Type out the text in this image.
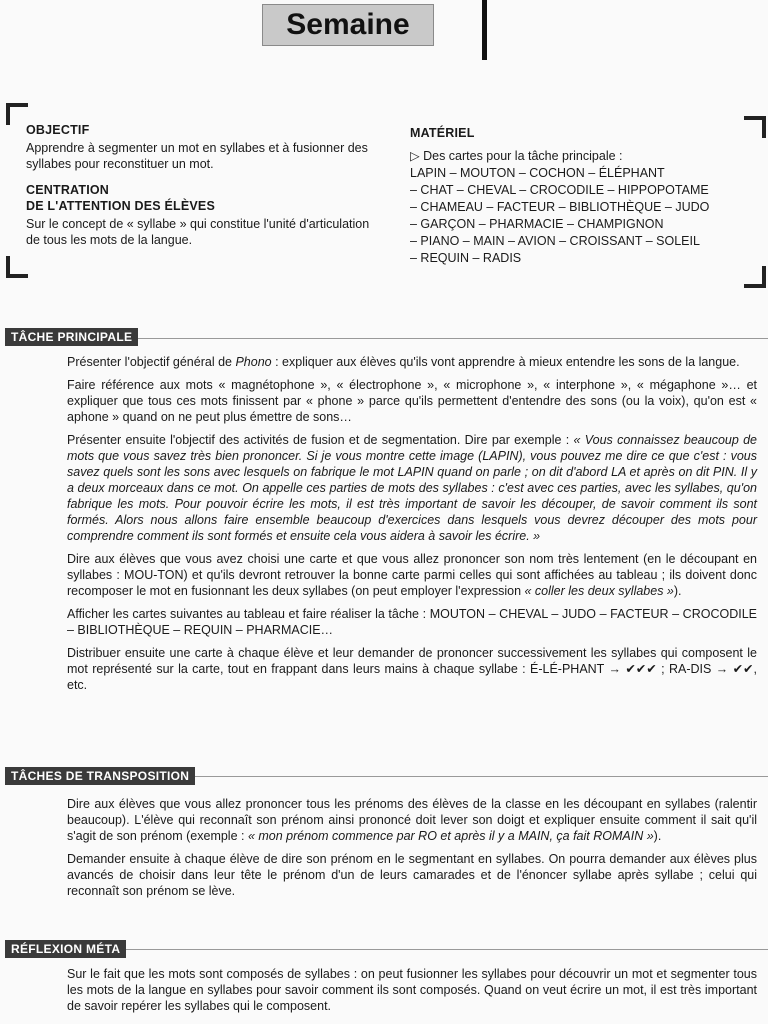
Semaine
OBJECTIF

Apprendre à segmenter un mot en syllabes et à fusionner des syllabes pour reconstituer un mot.

CENTRATION
DE L'ATTENTION DES ÉLÈVES

Sur le concept de « syllabe » qui constitue l'unité d'articulation de tous les mots de la langue.

MATÉRIEL
▷ Des cartes pour la tâche principale :
LAPIN – MOUTON – COCHON – ÉLÉPHANT
– CHAT – CHEVAL – CROCODILE – HIPPOPOTAME
– CHAMEAU – FACTEUR – BIBLIOTHÈQUE – JUDO
– GARÇON – PHARMACIE – CHAMPIGNON
– PIANO – MAIN – AVION – CROISSANT – SOLEIL
– REQUIN – RADIS
TÂCHE PRINCIPALE

Présenter l'objectif général de Phono : expliquer aux élèves qu'ils vont apprendre à mieux entendre les sons de la langue.

Faire référence aux mots « magnétophone », « électrophone », « microphone », « interphone », « mégaphone »… et expliquer que tous ces mots finissent par « phone » parce qu'ils permettent d'entendre des sons (ou la voix), qu'on est « aphone » quand on ne peut plus émettre de sons…

Présenter ensuite l'objectif des activités de fusion et de segmentation. Dire par exemple : « Vous connaissez beaucoup de mots que vous savez très bien prononcer. Si je vous montre cette image (LAPIN), vous pouvez me dire ce que c'est : vous savez quels sont les sons avec lesquels on fabrique le mot LAPIN quand on parle ; on dit d'abord LA et après on dit PIN. Il y a deux morceaux dans ce mot. On appelle ces parties de mots des syllabes : c'est avec ces parties, avec les syllabes, qu'on fabrique les mots. Pour pouvoir écrire les mots, il est très important de savoir les découper, de savoir comment ils sont formés. Alors nous allons faire ensemble beaucoup d'exercices dans lesquels vous devrez découper des mots pour comprendre comment ils sont formés et ensuite cela vous aidera à savoir les écrire. »

Dire aux élèves que vous avez choisi une carte et que vous allez prononcer son nom très lentement (en le découpant en syllabes : MOU-TON) et qu'ils devront retrouver la bonne carte parmi celles qui sont affichées au tableau ; ils doivent donc recomposer le mot en fusionnant les deux syllabes (on peut employer l'expression « coller les deux syllabes »).

Afficher les cartes suivantes au tableau et faire réaliser la tâche : MOUTON – CHEVAL – JUDO – FACTEUR – CROCODILE – BIBLIOTHÈQUE – REQUIN – PHARMACIE…

Distribuer ensuite une carte à chaque élève et leur demander de prononcer successivement les syllabes qui composent le mot représenté sur la carte, tout en frappant dans leurs mains à chaque syllabe : É-LÉ-PHANT → ✔✔✔ ; RA-DIS → ✔✔, etc.

TÂCHES DE TRANSPOSITION

Dire aux élèves que vous allez prononcer tous les prénoms des élèves de la classe en les découpant en syllabes (ralentir beaucoup). L'élève qui reconnaît son prénom ainsi prononcé doit lever son doigt et expliquer ensuite comment il sait qu'il s'agit de son prénom (exemple : « mon prénom commence par RO et après il y a MAIN, ça fait ROMAIN »).

Demander ensuite à chaque élève de dire son prénom en le segmentant en syllabes. On pourra demander aux élèves plus avancés de choisir dans leur tête le prénom d'un de leurs camarades et de l'énoncer syllabe après syllabe ; celui qui reconnaît son prénom se lève.

RÉFLEXION MÉTA

Sur le fait que les mots sont composés de syllabes : on peut fusionner les syllabes pour découvrir un mot et segmenter tous les mots de la langue en syllabes pour savoir comment ils sont composés. Quand on veut écrire un mot, il est très important de savoir repérer les syllabes qui le composent.
